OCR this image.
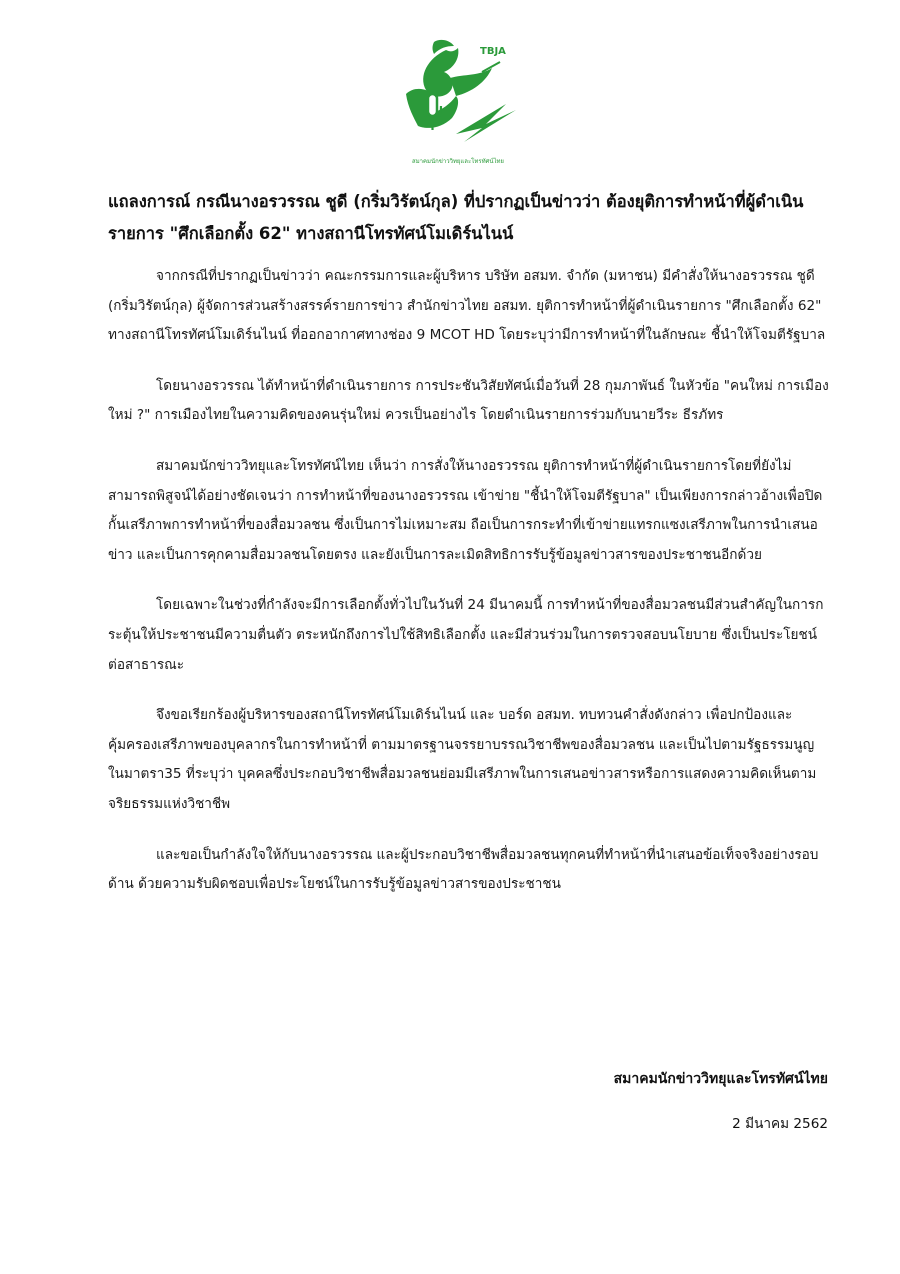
TBJA
สมาคมนักข่าววิทยุและโทรทัศน์ไทย
แถลงการณ์ กรณีนางอรวรรณ ชูดี (กริ่มวิรัตน์กุล) ที่ปรากฏเป็นข่าวว่า ต้องยุติการทำหน้าที่ผู้ดำเนินรายการ "ศึกเลือกตั้ง 62" ทางสถานีโทรทัศน์โมเดิร์นไนน์

จากกรณีที่ปรากฏเป็นข่าวว่า คณะกรรมการและผู้บริหาร บริษัท อสมท. จำกัด (มหาชน) มีคำสั่งให้นางอรวรรณ ชูดี (กริ่มวิรัตน์กุล) ผู้จัดการส่วนสร้างสรรค์รายการข่าว สำนักข่าวไทย อสมท. ยุติการทำหน้าที่ผู้ดำเนินรายการ "ศึกเลือกตั้ง 62" ทางสถานีโทรทัศน์โมเดิร์นไนน์ ที่ออกอากาศทางช่อง 9 MCOT HD โดยระบุว่ามีการทำหน้าที่ในลักษณะ ชี้นำให้โจมตีรัฐบาล

โดยนางอรวรรณ ได้ทำหน้าที่ดำเนินรายการ การประชันวิสัยทัศน์เมื่อวันที่ 28 กุมภาพันธ์ ในหัวข้อ "คนใหม่ การเมืองใหม่ ?" การเมืองไทยในความคิดของคนรุ่นใหม่ ควรเป็นอย่างไร โดยดำเนินรายการร่วมกับนายวีระ ธีรภัทร

สมาคมนักข่าววิทยุและโทรทัศน์ไทย เห็นว่า การสั่งให้นางอรวรรณ ยุติการทำหน้าที่ผู้ดำเนินรายการโดยที่ยังไม่สามารถพิสูจน์ได้อย่างชัดเจนว่า การทำหน้าที่ของนางอรวรรณ เข้าข่าย "ชี้นำให้โจมตีรัฐบาล" เป็นเพียงการกล่าวอ้างเพื่อปิดกั้นเสรีภาพการทำหน้าที่ของสื่อมวลชน ซึ่งเป็นการไม่เหมาะสม ถือเป็นการกระทำที่เข้าข่ายแทรกแซงเสรีภาพในการนำเสนอข่าว และเป็นการคุกคามสื่อมวลชนโดยตรง และยังเป็นการละเมิดสิทธิการรับรู้ข้อมูลข่าวสารของประชาชนอีกด้วย

โดยเฉพาะในช่วงที่กำลังจะมีการเลือกตั้งทั่วไปในวันที่ 24 มีนาคมนี้ การทำหน้าที่ของสื่อมวลชนมีส่วนสำคัญในการกระตุ้นให้ประชาชนมีความตื่นตัว ตระหนักถึงการไปใช้สิทธิเลือกตั้ง และมีส่วนร่วมในการตรวจสอบนโยบาย ซึ่งเป็นประโยชน์ต่อสาธารณะ

จึงขอเรียกร้องผู้บริหารของสถานีโทรทัศน์โมเดิร์นไนน์ และ บอร์ด อสมท. ทบทวนคำสั่งดังกล่าว เพื่อปกป้องและคุ้มครองเสรีภาพของบุคลากรในการทำหน้าที่ ตามมาตรฐานจรรยาบรรณวิชาชีพของสื่อมวลชน และเป็นไปตามรัฐธรรมนูญ ในมาตรา35 ที่ระบุว่า บุคคลซึ่งประกอบวิชาชีพสื่อมวลชนย่อมมีเสรีภาพในการเสนอข่าวสารหรือการแสดงความคิดเห็นตามจริยธรรมแห่งวิชาชีพ

และขอเป็นกำลังใจให้กับนางอรวรรณ และผู้ประกอบวิชาชีพสื่อมวลชนทุกคนที่ทำหน้าที่นำเสนอข้อเท็จจริงอย่างรอบด้าน ด้วยความรับผิดชอบเพื่อประโยชน์ในการรับรู้ข้อมูลข่าวสารของประชาชน

สมาคมนักข่าววิทยุและโทรทัศน์ไทย
2 มีนาคม 2562
